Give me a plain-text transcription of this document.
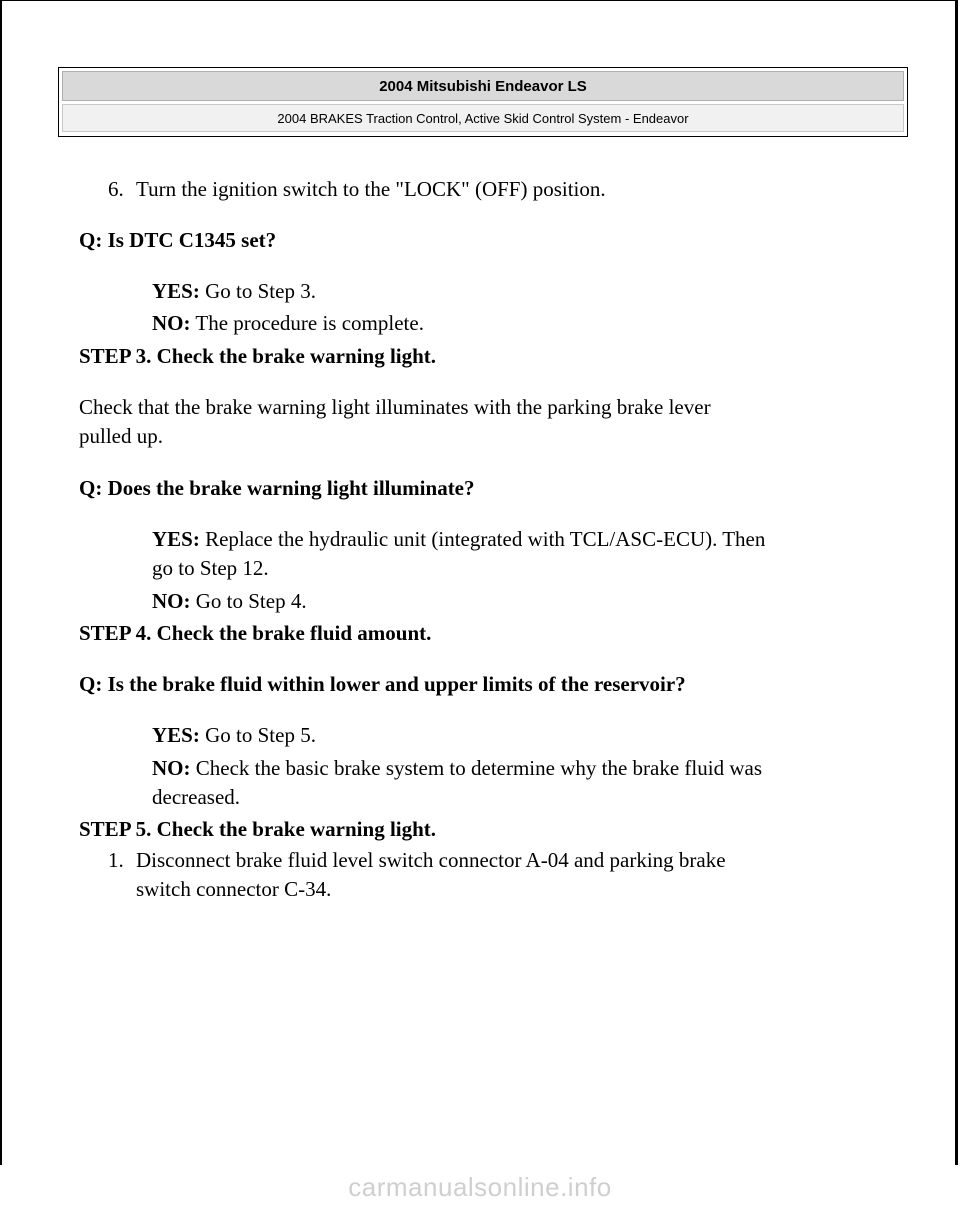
2004 Mitsubishi Endeavor LS
2004 BRAKES Traction Control, Active Skid Control System - Endeavor
6. Turn the ignition switch to the "LOCK" (OFF) position.
Q: Is DTC C1345 set?
YES: Go to Step 3.
NO: The procedure is complete.
STEP 3. Check the brake warning light.
Check that the brake warning light illuminates with the parking brake lever
pulled up.
Q: Does the brake warning light illuminate?
YES: Replace the hydraulic unit (integrated with TCL/ASC-ECU). Then
go to Step 12.
NO: Go to Step 4.
STEP 4. Check the brake fluid amount.
Q: Is the brake fluid within lower and upper limits of the reservoir?
YES: Go to Step 5.
NO: Check the basic brake system to determine why the brake fluid was
decreased.
STEP 5. Check the brake warning light.
1. Disconnect brake fluid level switch connector A-04 and parking brake
switch connector C-34.
carmanualsonline.info
